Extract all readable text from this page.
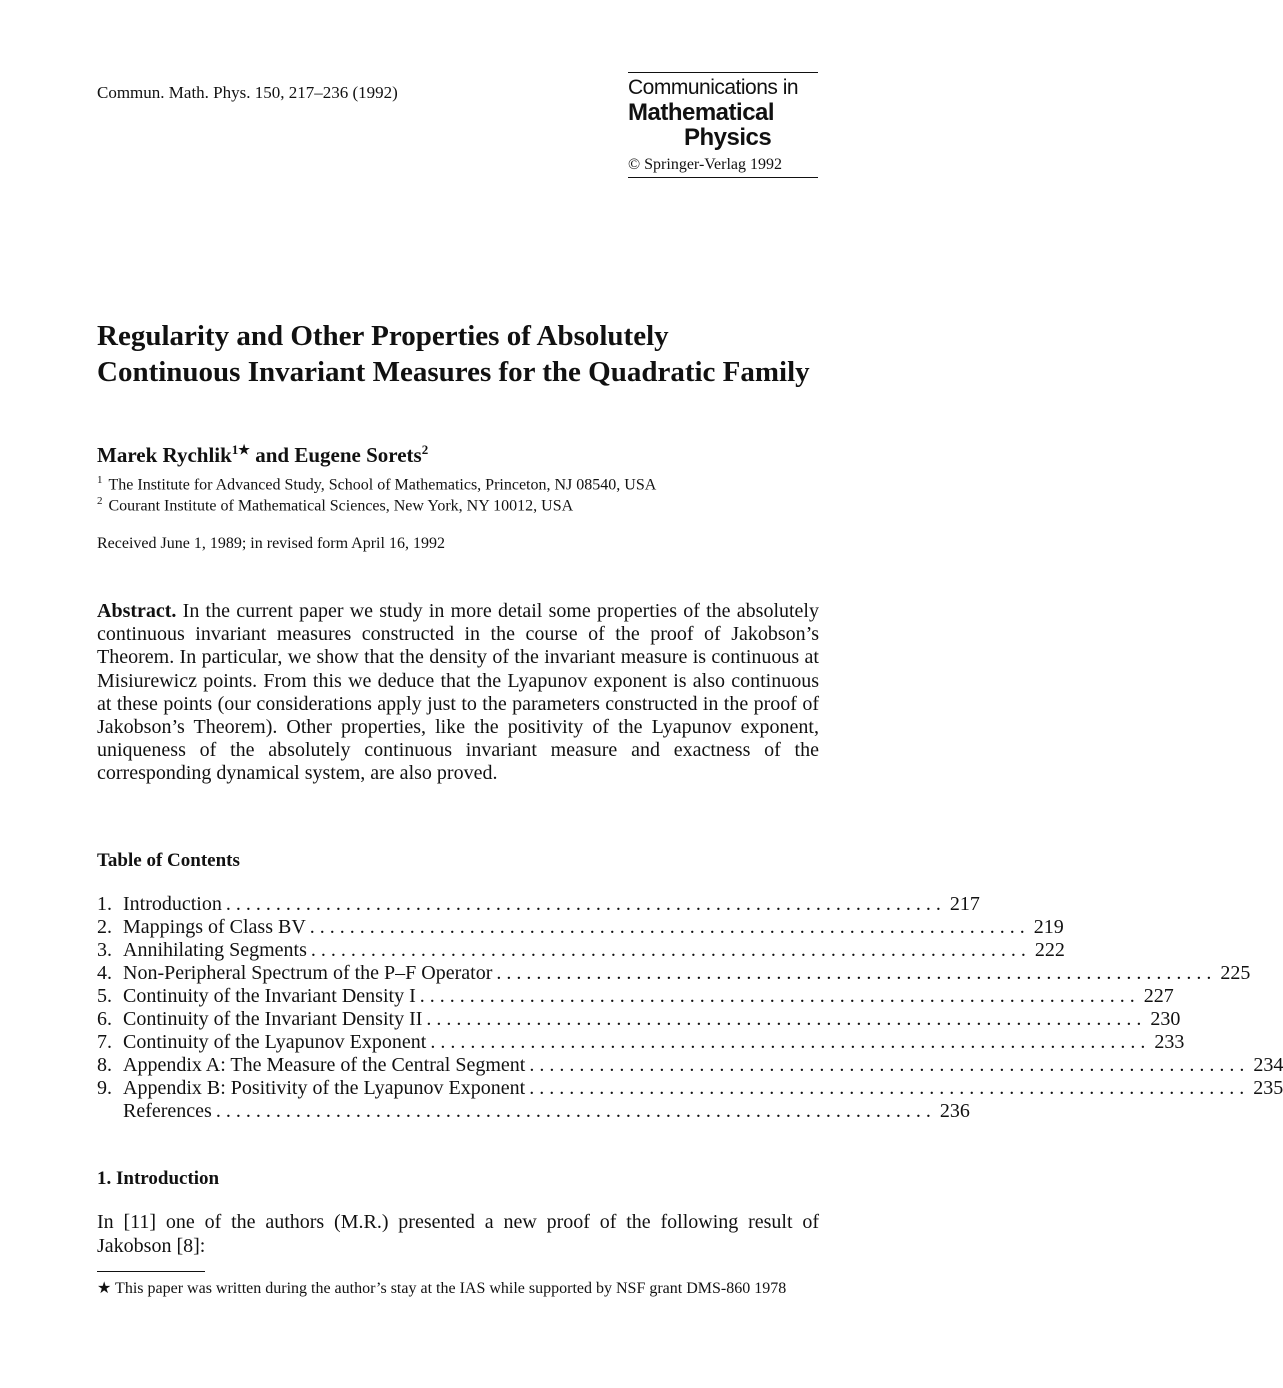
Commun. Math. Phys. 150, 217–236 (1992)	Communications in
Mathematical
Physics
© Springer-Verlag 1992
Regularity and Other Properties of Absolutely Continuous Invariant Measures for the Quadratic Family
Marek Rychlik$^{1★}$ and Eugene Sorets$^2$
$^1$ The Institute for Advanced Study, School of Mathematics, Princeton, NJ 08540, USA
$^2$ Courant Institute of Mathematical Sciences, New York, NY 10012, USA
Received June 1, 1989; in revised form April 16, 1992

Abstract. In the current paper we study in more detail some properties of the absolutely continuous invariant measures constructed in the course of the proof of Jakobson’s Theorem. In particular, we show that the density of the invariant measure is continuous at Misiurewicz points. From this we deduce that the Lyapunov exponent is also continuous at these points (our considerations apply just to the parameters constructed in the proof of Jakobson’s Theorem). Other properties, like the positivity of the Lyapunov exponent, uniqueness of the absolutely continuous invariant measure and exactness of the corresponding dynamical system, are also proved.

Table of Contents
1. Introduction ........................................................................ 217
2. Mappings of Class BV ........................................................................ 219
3. Annihilating Segments ........................................................................ 222
4. Non-Peripheral Spectrum of the P–F Operator ........................................................................ 225
5. Continuity of the Invariant Density I ........................................................................ 227
6. Continuity of the Invariant Density II ........................................................................ 230
7. Continuity of the Lyapunov Exponent ........................................................................ 233
8. Appendix A: The Measure of the Central Segment ........................................................................ 234
9. Appendix B: Positivity of the Lyapunov Exponent ........................................................................ 235
References ........................................................................ 236
1. Introduction

In [11] one of the authors (M.R.) presented a new proof of the following result of Jakobson [8]:

★ This paper was written during the author’s stay at the IAS while supported by NSF grant DMS-860 1978
